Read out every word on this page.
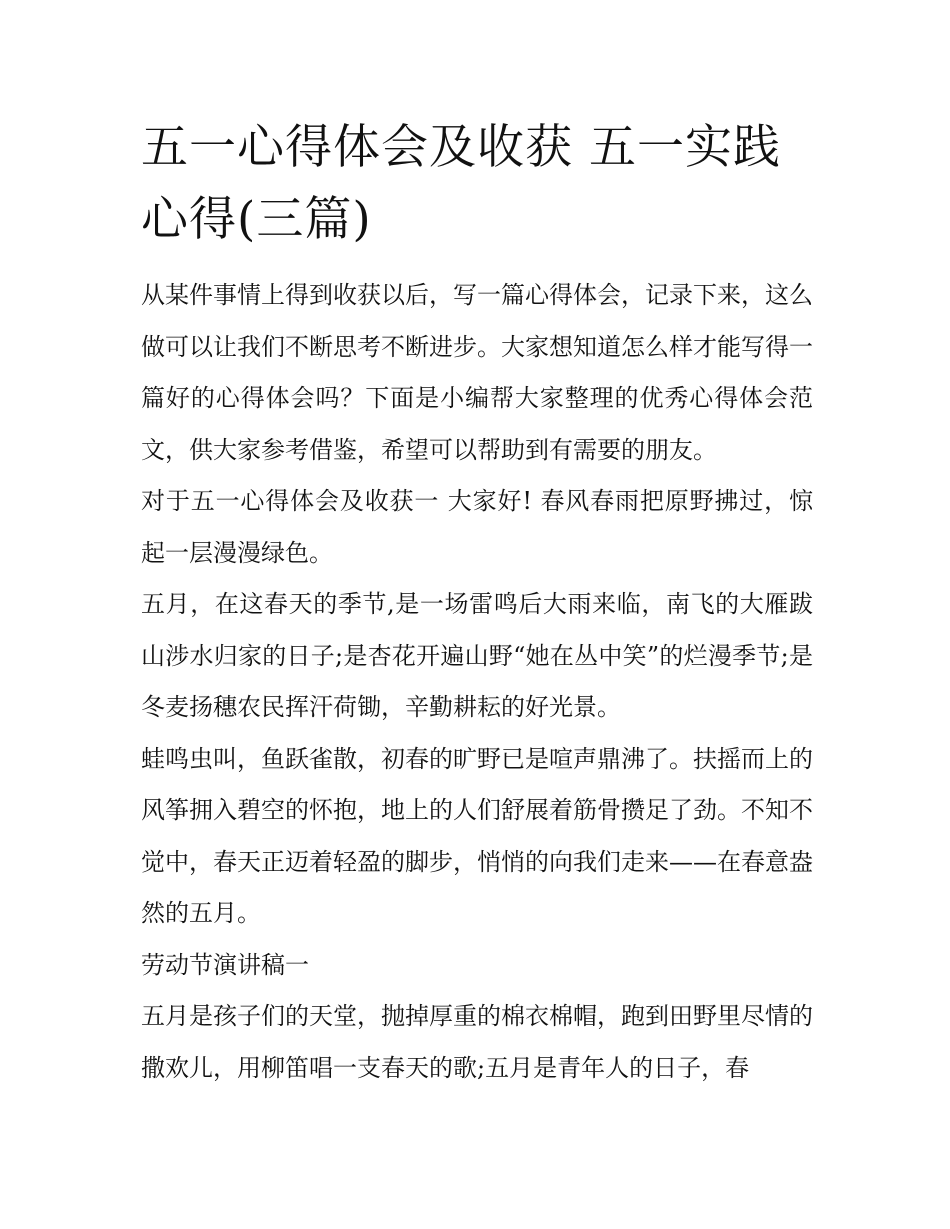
五一心得体会及收获 五一实践心得(三篇)

从某件事情上得到收获以后，写一篇心得体会，记录下来，这么做可以让我们不断思考不断进步。大家想知道怎么样才能写得一篇好的心得体会吗？下面是小编帮大家整理的优秀心得体会范文，供大家参考借鉴，希望可以帮助到有需要的朋友。

对于五一心得体会及收获一 大家好! 春风春雨把原野拂过，惊起一层漫漫绿色。

五月，在这春天的季节,是一场雷鸣后大雨来临，南飞的大雁跋山涉水归家的日子;是杏花开遍山野“她在丛中笑”的烂漫季节;是冬麦扬穗农民挥汗荷锄，辛勤耕耘的好光景。

蛙鸣虫叫，鱼跃雀散，初春的旷野已是喧声鼎沸了。扶摇而上的风筝拥入碧空的怀抱，地上的人们舒展着筋骨攒足了劲。不知不觉中，春天正迈着轻盈的脚步，悄悄的向我们走来——在春意盎然的五月。

劳动节演讲稿一

五月是孩子们的天堂，抛掉厚重的棉衣棉帽，跑到田野里尽情的撒欢儿，用柳笛唱一支春天的歌;五月是青年人的日子，春
